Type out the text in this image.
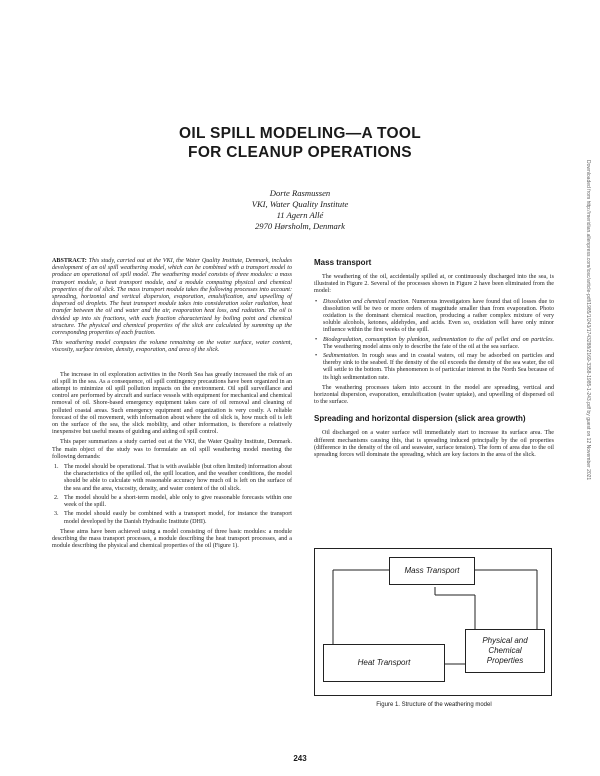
OIL SPILL MODELING—A TOOL
FOR CLEANUP OPERATIONS
Dorte Rasmussen
VKI, Water Quality Institute
11 Agern Allé
2970 Hørsholm, Denmark

ABSTRACT: This study, carried out at the VKI, the Water Quality Institute, Denmark, includes development of an oil spill weathering model, which can be combined with a transport model to produce an operational oil spill model. The weathering model consists of three modules: a mass transport module, a heat transport module, and a module computing physical and chemical properties of the oil slick. The mass transport module takes the following processes into account: spreading, horizontal and vertical dispersion, evaporation, emulsification, and upwelling of dispersed oil droplets. The heat transport module takes into consideration solar radiation, heat transfer between the oil and water and the air, evaporation heat loss, and radiation. The oil is divided up into six fractions, with each fraction characterized by boiling point and chemical structure. The physical and chemical properties of the slick are calculated by summing up the corresponding properties of each fraction.

This weathering model computes the volume remaining on the water surface, water content, viscosity, surface tension, density, evaporation, and area of the slick.

The increase in oil exploration activities in the North Sea has greatly increased the risk of an oil spill in the sea. As a consequence, oil spill contingency precautions have been organized in an attempt to minimize oil spill pollution impacts on the environment. Oil spill surveillance and control are performed by aircraft and surface vessels with equipment for mechanical and chemical removal of oil. Shore-based emergency equipment takes care of oil removal and cleaning of polluted coastal areas. Such emergency equipment and organization is very costly. A reliable forecast of the oil movement, with information about where the oil slick is, how much oil is left on the surface of the sea, the slick mobility, and other information, is therefore a relatively inexpensive but useful means of guiding and aiding oil spill control.

This paper summarizes a study carried out at the VKI, the Water Quality Institute, Denmark. The main object of the study was to formulate an oil spill weathering model meeting the following demands:

1. The model should be operational. That is with available (but often limited) information about the characteristics of the spilled oil, the spill location, and the weather conditions, the model should be able to calculate with reasonable accuracy how much oil is left on the surface of the sea and the area, viscosity, density, and water content of the oil slick.
2. The model should be a short-term model, able only to give reasonable forecasts within one week of the spill.
3. The model should easily be combined with a transport model, for instance the transport model developed by the Danish Hydraulic Institute (DHI).

These aims have been achieved using a model consisting of three basic modules: a module describing the mass transport processes, a module describing the heat transport processes, and a module describing the physical and chemical properties of the oil (Figure 1).

Mass transport

The weathering of the oil, accidentally spilled at, or continuously discharged into the sea, is illustrated in Figure 2. Several of the processes shown in Figure 2 have been eliminated from the model:

• Dissolution and chemical reaction. Numerous investigators have found that oil losses due to dissolution will be two or more orders of magnitude smaller than from evaporation. Photo oxidation is the dominant chemical reaction, producing a rather complex mixture of very soluble alcohols, ketones, aldehydes, and acids. Even so, oxidation will have only minor influence within the first weeks of the spill.
• Biodegradation, consumption by plankton, sedimentation to the oil pellet and on particles. The weathering model aims only to describe the fate of the oil at the sea surface.
• Sedimentation. In rough seas and in coastal waters, oil may be adsorbed on particles and thereby sink to the seabed. If the density of the oil exceeds the density of the sea water, the oil will settle to the bottom. This phenomenon is of particular interest in the North Sea because of its high sedimentation rate.

The weathering processes taken into account in the model are spreading, vertical and horizontal dispersion, evaporation, emulsification (water uptake), and upwelling of dispersed oil to the surface.

Spreading and horizontal dispersion (slick area growth)

Oil discharged on a water surface will immediately start to increase its surface area. The different mechanisms causing this, that is spreading induced principally by the oil properties (difference in the density of the oil and seawater, surface tension). The form of area due to the oil spreading forces will dominate the spreading, which are key factors in the area of the slick.

Mass Transport
Heat Transport
Physical and Chemical Properties
Figure 1. Structure of the weathering model
243
Downloaded from http://meridian.allenpress.com/iosc/article-pdf/1985/1/243/1743288/2169-3358-1985-1-243.pdf by guest on 12 November 2021
